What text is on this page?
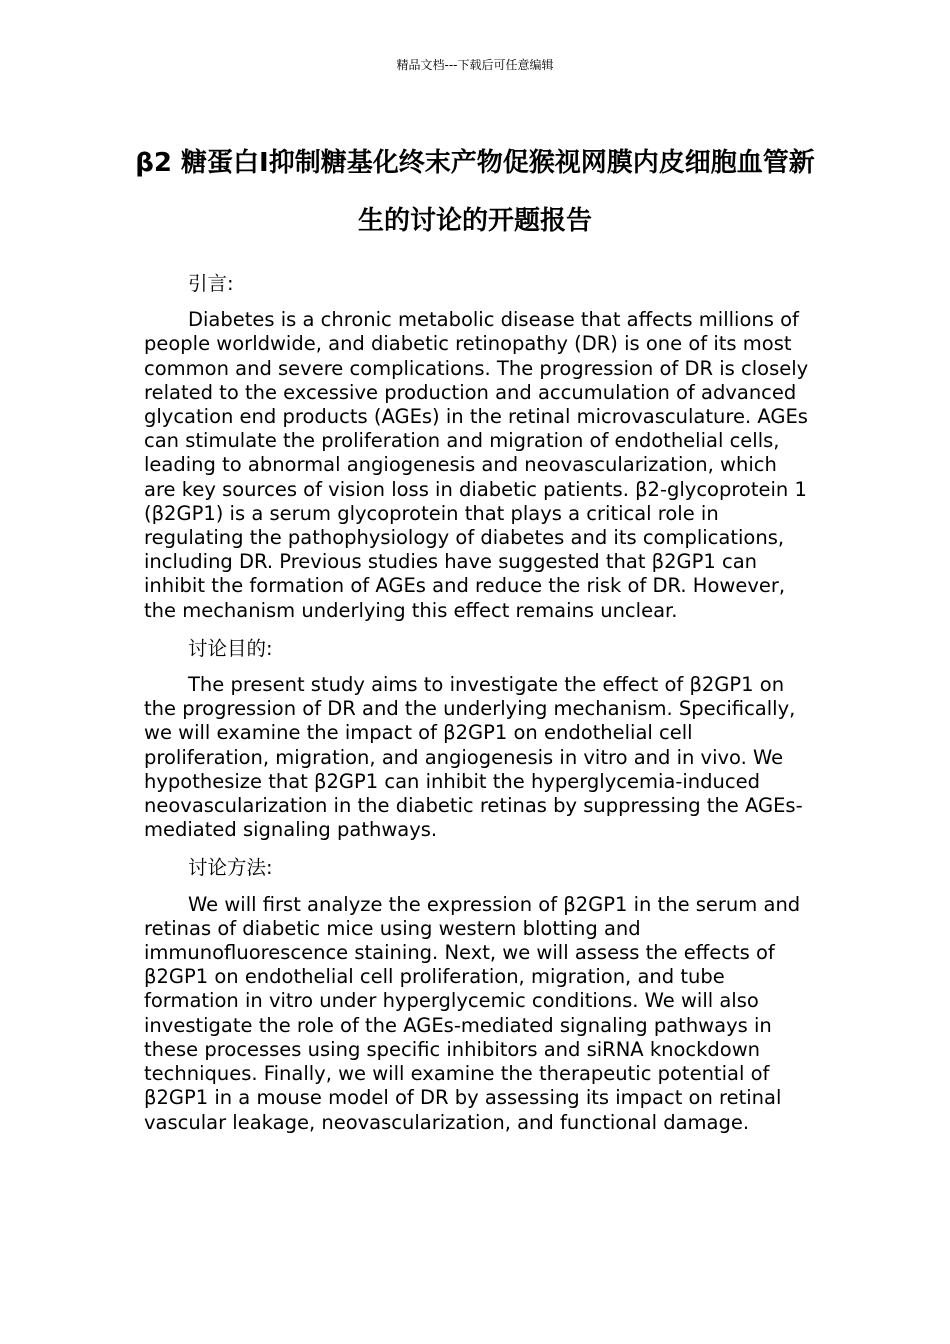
精品文档---下载后可任意编辑
β2 糖蛋白Ⅰ抑制糖基化终末产物促猴视网膜内皮细胞血管新生的讨论的开题报告

引言:

Diabetes is a chronic metabolic disease that affects millions of people worldwide, and diabetic retinopathy (DR) is one of its most common and severe complications. The progression of DR is closely related to the excessive production and accumulation of advanced glycation end products (AGEs) in the retinal microvasculature. AGEs can stimulate the proliferation and migration of endothelial cells, leading to abnormal angiogenesis and neovascularization, which are key sources of vision loss in diabetic patients. β2-glycoprotein 1 (β2GP1) is a serum glycoprotein that plays a critical role in regulating the pathophysiology of diabetes and its complications, including DR. Previous studies have suggested that β2GP1 can inhibit the formation of AGEs and reduce the risk of DR. However, the mechanism underlying this effect remains unclear.

讨论目的:

The present study aims to investigate the effect of β2GP1 on the progression of DR and the underlying mechanism. Specifically, we will examine the impact of β2GP1 on endothelial cell proliferation, migration, and angiogenesis in vitro and in vivo. We hypothesize that β2GP1 can inhibit the hyperglycemia-induced neovascularization in the diabetic retinas by suppressing the AGEs-mediated signaling pathways.

讨论方法:

We will first analyze the expression of β2GP1 in the serum and retinas of diabetic mice using western blotting and immunofluorescence staining. Next, we will assess the effects of β2GP1 on endothelial cell proliferation, migration, and tube formation in vitro under hyperglycemic conditions. We will also investigate the role of the AGEs-mediated signaling pathways in these processes using specific inhibitors and siRNA knockdown techniques. Finally, we will examine the therapeutic potential of β2GP1 in a mouse model of DR by assessing its impact on retinal vascular leakage, neovascularization, and functional damage.
